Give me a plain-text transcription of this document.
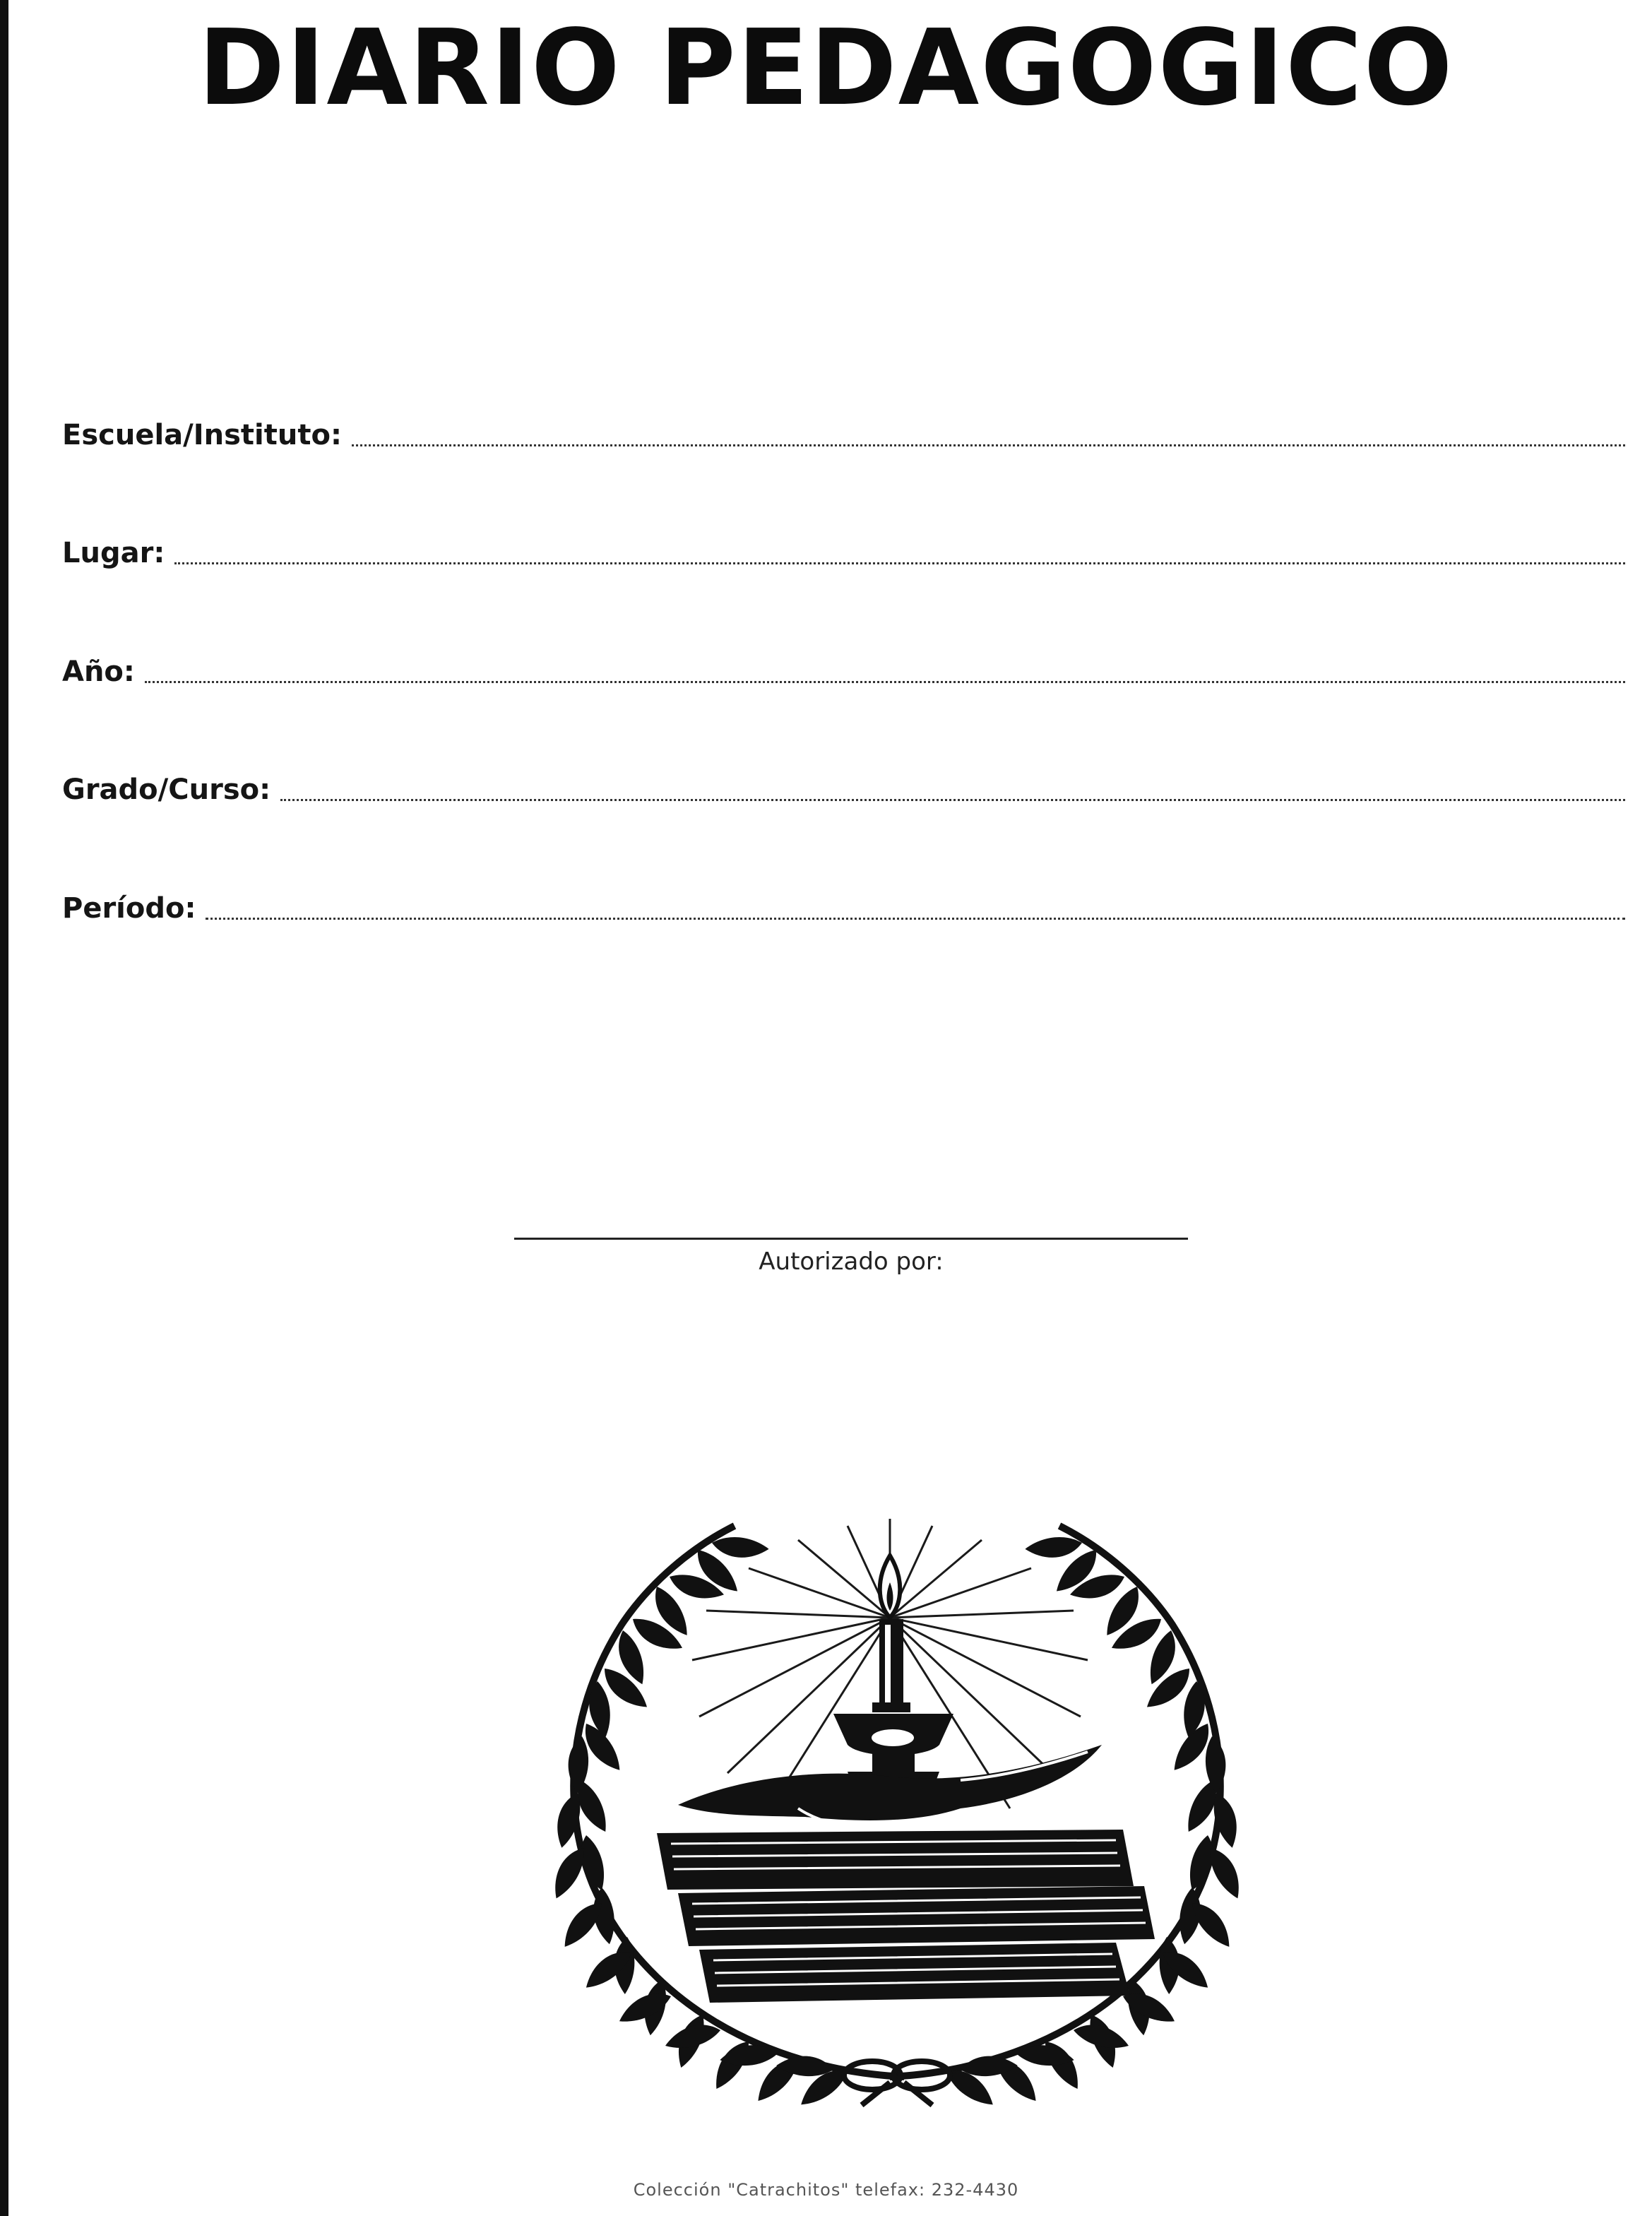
DIARIO PEDAGOGICO
Escuela/Instituto:
Lugar:
Año:
Grado/Curso:
Período:
Autorizado por:
Colección "Catrachitos" telefax: 232-4430
